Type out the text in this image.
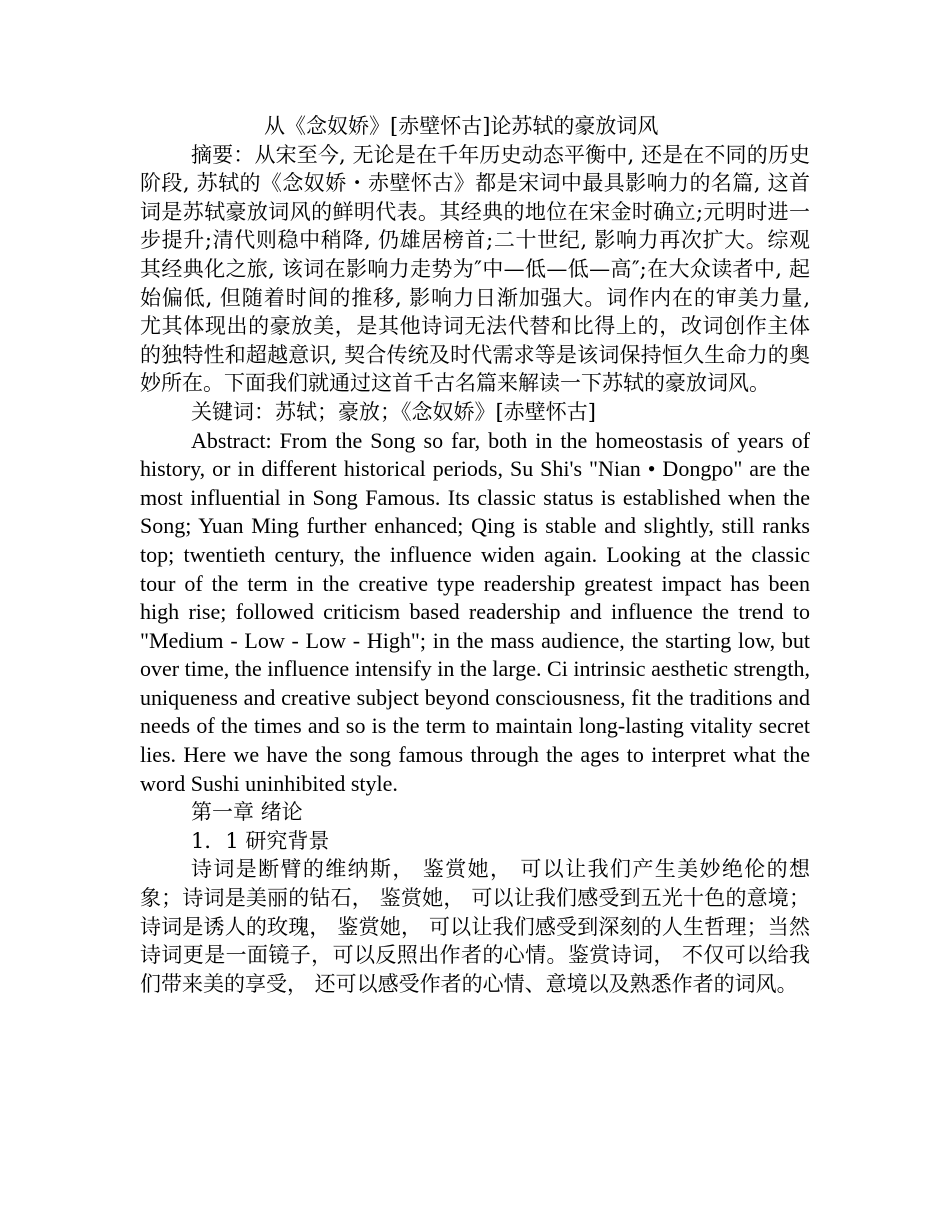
从《念奴娇》[赤壁怀古]论苏轼的豪放词风

摘要：从宋至今, 无论是在千年历史动态平衡中, 还是在不同的历史阶段, 苏轼的《念奴娇・赤壁怀古》都是宋词中最具影响力的名篇, 这首词是苏轼豪放词风的鲜明代表。其经典的地位在宋金时确立;元明时进一步提升;清代则稳中稍降, 仍雄居榜首;二十世纪, 影响力再次扩大。综观其经典化之旅, 该词在影响力走势为″中—低—低—高″;在大众读者中, 起始偏低, 但随着时间的推移, 影响力日渐加强大。词作内在的审美力量, 尤其体现出的豪放美，是其他诗词无法代替和比得上的，改词创作主体的独特性和超越意识, 契合传统及时代需求等是该词保持恒久生命力的奥妙所在。下面我们就通过这首千古名篇来解读一下苏轼的豪放词风。

关键词：苏轼；豪放；《念奴娇》[赤壁怀古]

Abstract: From the Song so far, both in the homeostasis of years of history, or in different historical periods, Su Shi's "Nian • Dongpo" are the most influential in Song Famous. Its classic status is established when the Song; Yuan Ming further enhanced; Qing is stable and slightly, still ranks top; twentieth century, the influence widen again. Looking at the classic tour of the term in the creative type readership greatest impact has been high rise; followed criticism based readership and influence the trend to "Medium - Low - Low - High"; in the mass audience, the starting low, but over time, the influence intensify in the large. Ci intrinsic aesthetic strength, uniqueness and creative subject beyond consciousness, fit the traditions and needs of the times and so is the term to maintain long-lasting vitality secret lies. Here we have the song famous through the ages to interpret what the word Sushi uninhibited style.

第一章 绪论

1．1 研究背景

诗词是断臂的维纳斯， 鉴赏她， 可以让我们产生美妙绝伦的想象；诗词是美丽的钻石， 鉴赏她， 可以让我们感受到五光十色的意境；诗词是诱人的玫瑰， 鉴赏她， 可以让我们感受到深刻的人生哲理；当然诗词更是一面镜子，可以反照出作者的心情。鉴赏诗词， 不仅可以给我们带来美的享受， 还可以感受作者的心情、意境以及熟悉作者的词风。
